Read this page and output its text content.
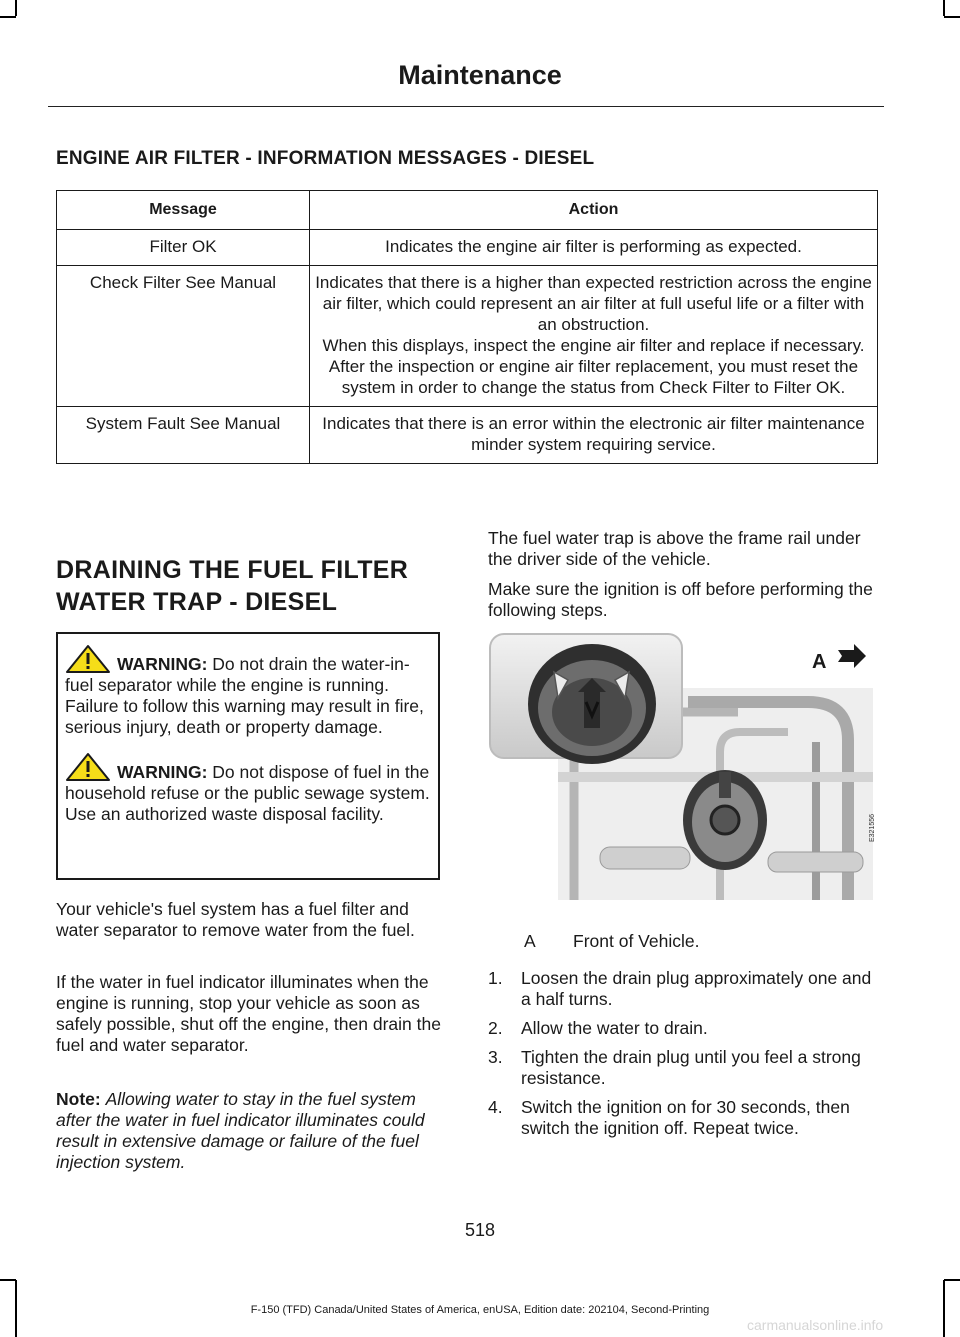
Maintenance
ENGINE AIR FILTER - INFORMATION MESSAGES - DIESEL
Message	Action
Filter OK	Indicates the engine air filter is performing as expected.

Check Filter See Manual	Indicates that there is a higher than expected restriction across the engine air filter, which could represent an air filter at full useful life or a filter with an obstruction.

When this displays, inspect the engine air filter and replace if necessary.

After the inspection or engine air filter replacement, you must reset the system in order to change the status from Check Filter to Filter OK.

System Fault See Manual	Indicates that there is an error within the electronic air filter maintenance minder system requiring service.

DRAINING THE FUEL FILTER
WATER TRAP - DIESEL

WARNING: Do not drain the water-in-fuel separator while the engine is running. Failure to follow this warning may result in fire, serious injury, death or property damage.

WARNING: Do not dispose of fuel in the household refuse or the public sewage system. Use an authorized waste disposal facility.

Your vehicle's fuel system has a fuel filter and water separator to remove water from the fuel.

If the water in fuel indicator illuminates when the engine is running, stop your vehicle as soon as safely possible, shut off the engine, then drain the fuel and water separator.

Note: Allowing water to stay in the fuel system after the water in fuel indicator illuminates could result in extensive damage or failure of the fuel injection system.

The fuel water trap is above the frame rail under the driver side of the vehicle.

Make sure the ignition is off before performing the following steps.

A
E321556
A Front of Vehicle.
1. Loosen the drain plug approximately one and a half turns.
2. Allow the water to drain.
3. Tighten the drain plug until you feel a strong resistance.
4. Switch the ignition on for 30 seconds, then switch the ignition off. Repeat twice.
518
F-150 (TFD) Canada/United States of America, enUSA, Edition date: 202104, Second-Printing
carmanualsonline.info
